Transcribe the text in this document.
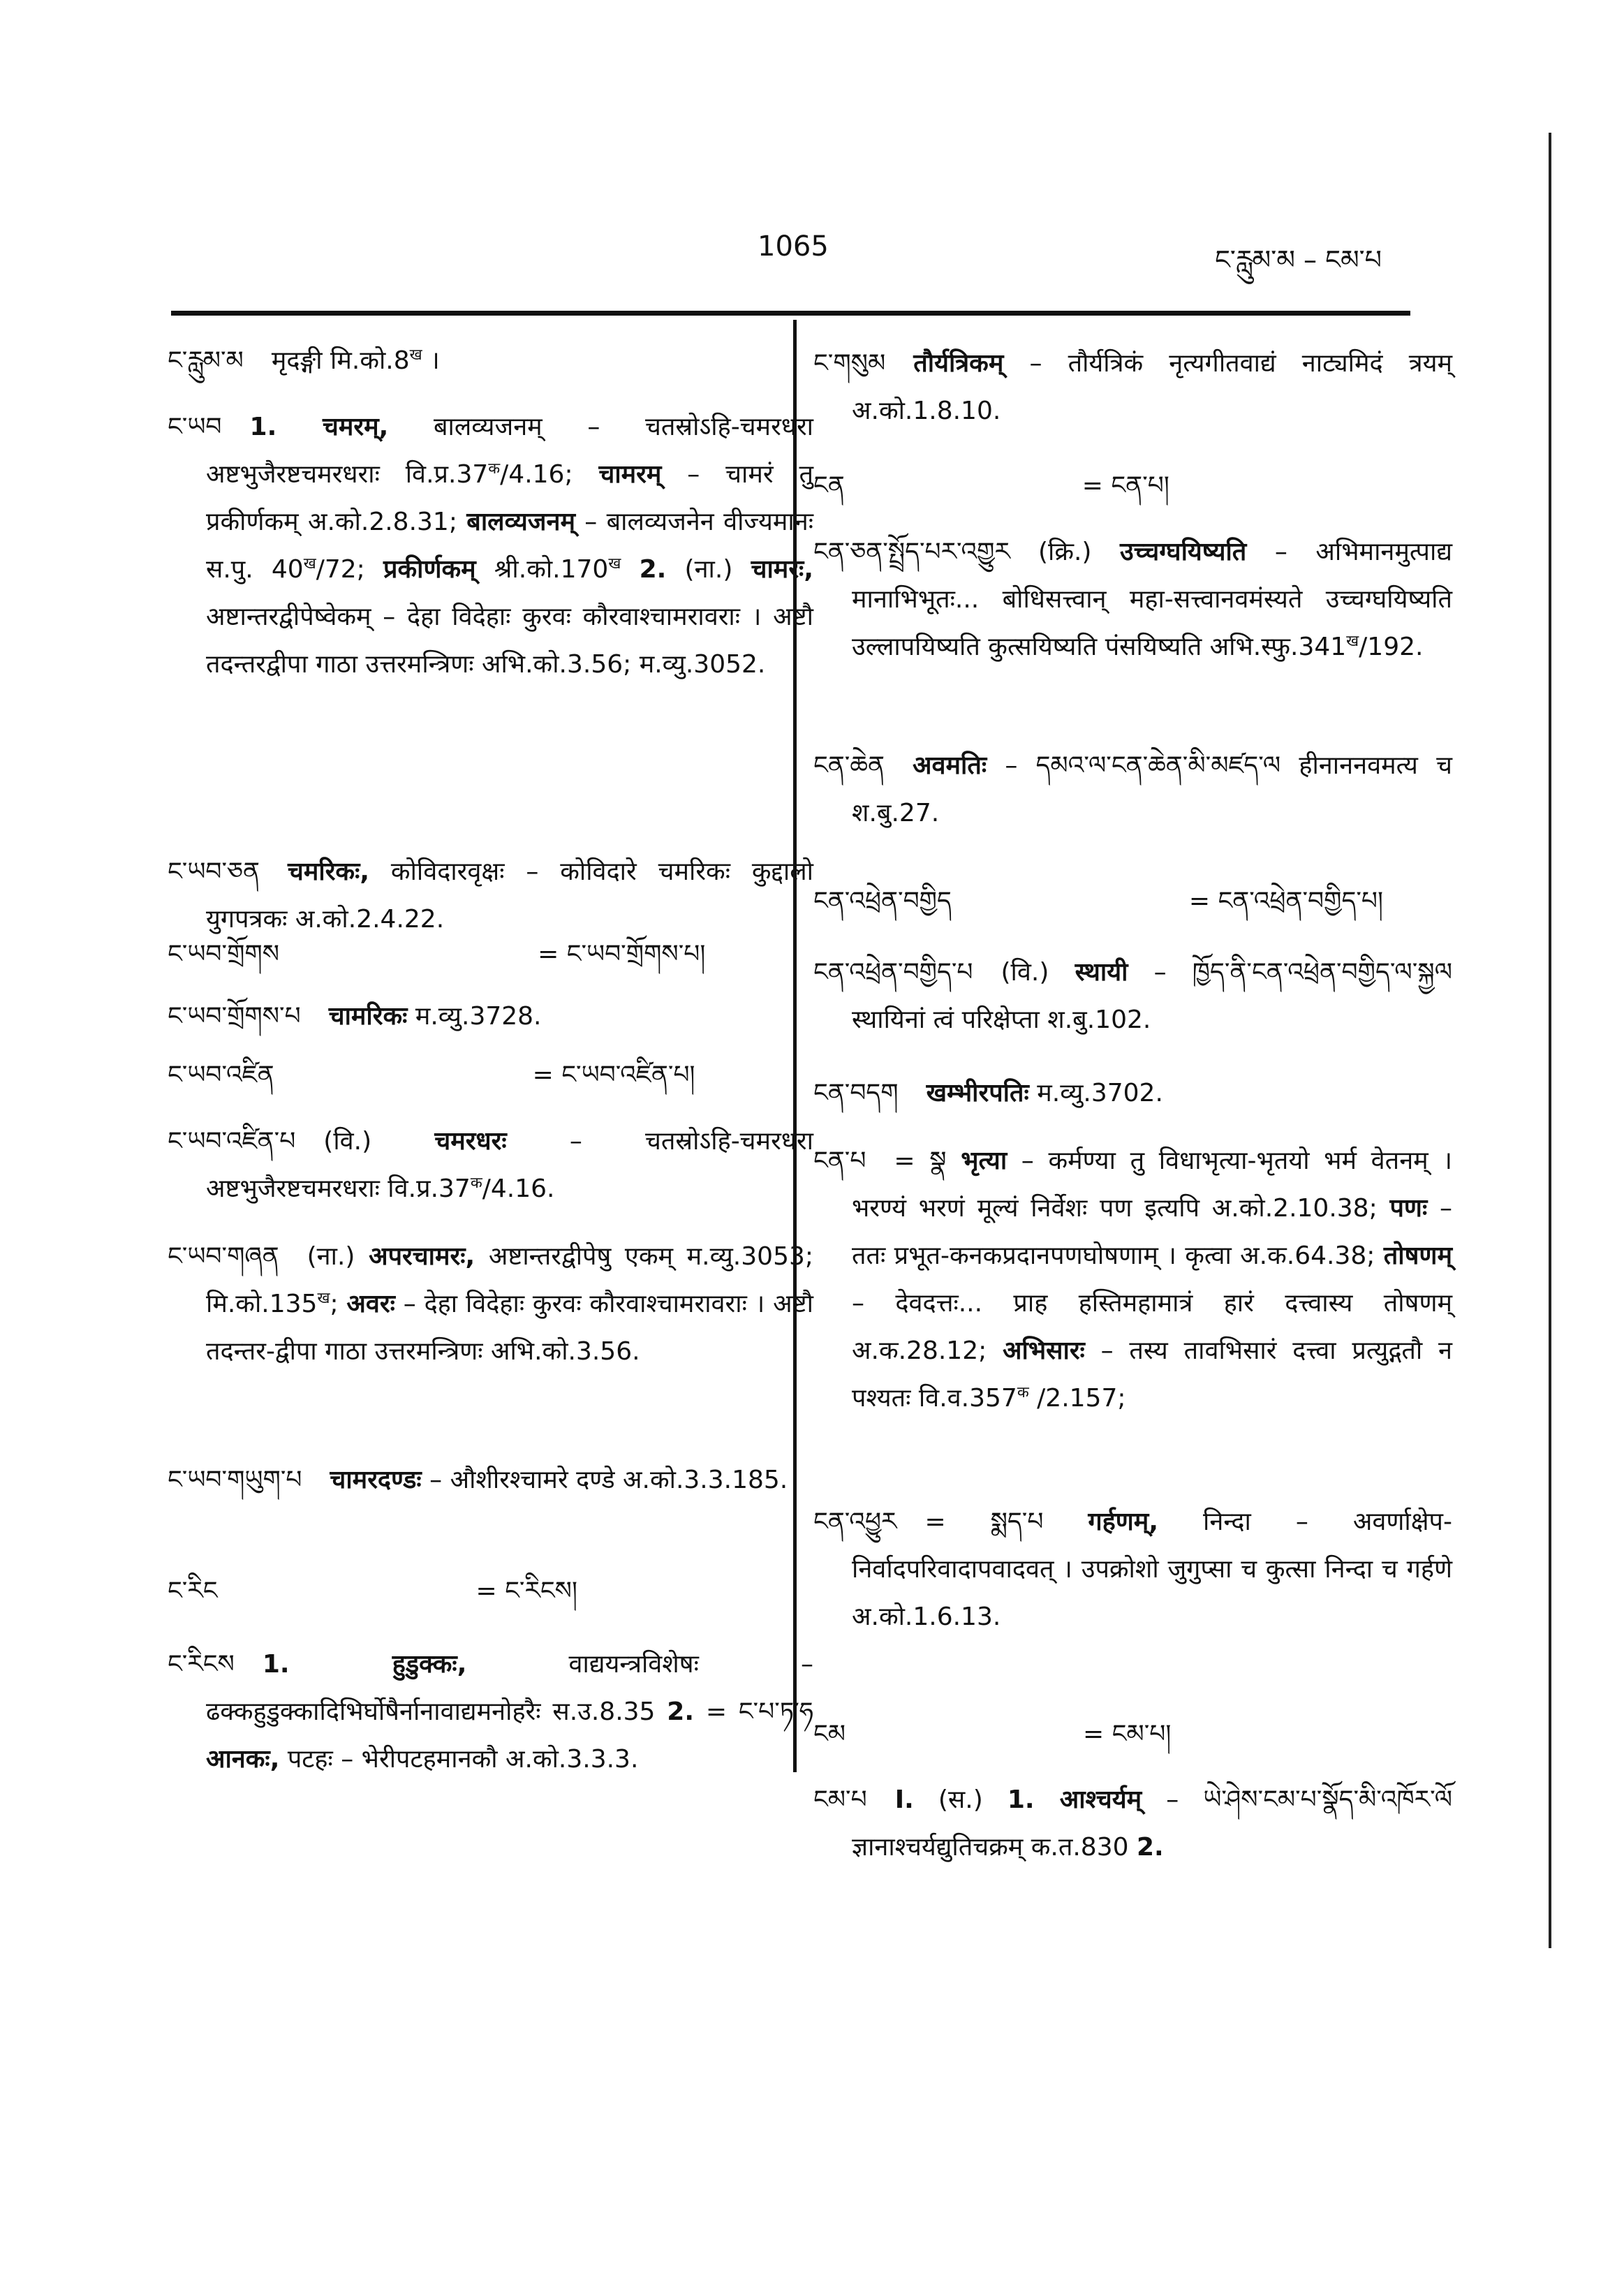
1065	ང་རླུམ་མ – ངམ་པ
ང་རླུམ་མ मृदङ्गी $मि.को.8^ख$ ।
ང་ཡབ 1. चमरम्, बालव्यजनम् – चतस्रोऽहि-चमरधरा अष्टभुजैरष्टचमरधराः $वि.प्र.37^क/4.16$; चामरम् – चामरं तु प्रकीर्णकम् अ.को.2.8.31; बालव्यजनम् – बालव्यजनेन वीज्यमानः स.पु. $40^ख/72$; प्रकीर्णकम् $श्री.को.170^ख$ 2. (ना.) चामरः, अष्टान्तरद्वीपेष्वेकम् – देहा विदेहाः कुरवः कौरवाश्चामरावराः । अष्टौ तदन्तरद्वीपा गाठा उत्तरमन्त्रिणः अभि.को.3.56; म.व्यु.3052.
ང་ཡབ་ཅན चमरिकः, कोविदारवृक्षः – कोविदारे चमरिकः कुद्दालो युगपत्रकः अ.को.2.4.22.
ང་ཡབ་གྲོགས	= ང་ཡབ་གྲོགས་པ།
ང་ཡབ་གྲོགས་པ चामरिकः म.व्यु.3728.
ང་ཡབ་འཛིན	= ང་ཡབ་འཛིན་པ།
ང་ཡབ་འཛིན་པ (वि.) चमरधरः – चतस्रोऽहि-चमरधरा अष्टभुजैरष्टचमरधराः $वि.प्र.37^क/4.16$.
ང་ཡབ་གཞན (ना.) अपरचामरः, अष्टान्तरद्वीपेषु एकम् म.व्यु.3053; $मि.को.135^ख$; अवरः – देहा विदेहाः कुरवः कौरवाश्चामरावराः । अष्टौ तदन्तर-द्वीपा गाठा उत्तरमन्त्रिणः अभि.को.3.56.
ང་ཡབ་གཡུག་པ चामरदण्डः – औशीरश्चामरे दण्डे अ.को.3.3.185.
ང་རིང	= ང་རིངས།
ང་རིངས 1. हुडुक्कः, वाद्ययन्त्रविशेषः – ढक्कहुडुक्कादिभिर्घोषैर्नानावाद्यमनोहरैः स.उ.8.35 2. = ང་པ་ཏ་ཧ आनकः, पटहः – भेरीपटहमानकौ अ.को.3.3.3.
ང་གསུམ तौर्यत्रिकम् – तौर्यत्रिकं नृत्यगीतवाद्यं नाट्यमिदं त्रयम् अ.को.1.8.10.
ངན	= ངན་པ།
ངན་ཅན་སྤྲོད་པར་འགྱུར (क्रि.) उच्चग्घयिष्यति – अभिमानमुत्पाद्य मानाभिभूतः... बोधिसत्त्वान् महा-सत्त्वानवमंस्यते उच्चग्घयिष्यति उल्लापयिष्यति कुत्सयिष्यति पंसयिष्यति $अभि.स्फु.341^ख/192$.
ངན་ཆེན अवमतिः – དམའ་ལ་ངན་ཆེན་མི་མཛད་ལ हीनाननवमत्य च श.बु.27.
ངན་འཕྲེན་བགྱིད	= ངན་འཕྲེན་བགྱིད་པ།
ངན་འཕྲེན་བགྱིད་པ (वि.) स्थायी – ཁྱོད་ནི་ངན་འཕྲེན་བགྱིད་ལ་སྐྱལ स्थायिनां त्वं परिक्षेप्ता श.बु.102.
ངན་བདག खम्भीरपतिः म.व्यु.3702.
ངན་པ = སྣ भृत्या – कर्मण्या तु विधाभृत्या-भृतयो भर्म वेतनम् । भरण्यं भरणं मूल्यं निर्वेशः पण इत्यपि अ.को.2.10.38; पणः – ततः प्रभूत-कनकप्रदानपणघोषणाम् । कृत्वा अ.क.64.38; तोषणम् – देवदत्तः... प्राह हस्तिमहामात्रं हारं दत्त्वास्य तोषणम् अ.क.28.12; अभिसारः – तस्य तावभिसारं दत्त्वा प्रत्युद्गतौ न पश्यतः $वि.व.357^क$ /2.157;
ངན་འཕྱུར = སྨད་པ गर्हणम्, निन्दा – अवर्णाक्षेप-निर्वादपरिवादापवादवत् । उपक्रोशो जुगुप्सा च कुत्सा निन्दा च गर्हणे अ.को.1.6.13.
ངམ	= ངམ་པ།
ངམ་པ I. (स.) 1. आश्चर्यम् – ཡེ་ཤེས་ངམ་པ་སྣོད་མི་འཁོར་ལོ ज्ञानाश्चर्यद्युतिचक्रम् क.त.830 2.
